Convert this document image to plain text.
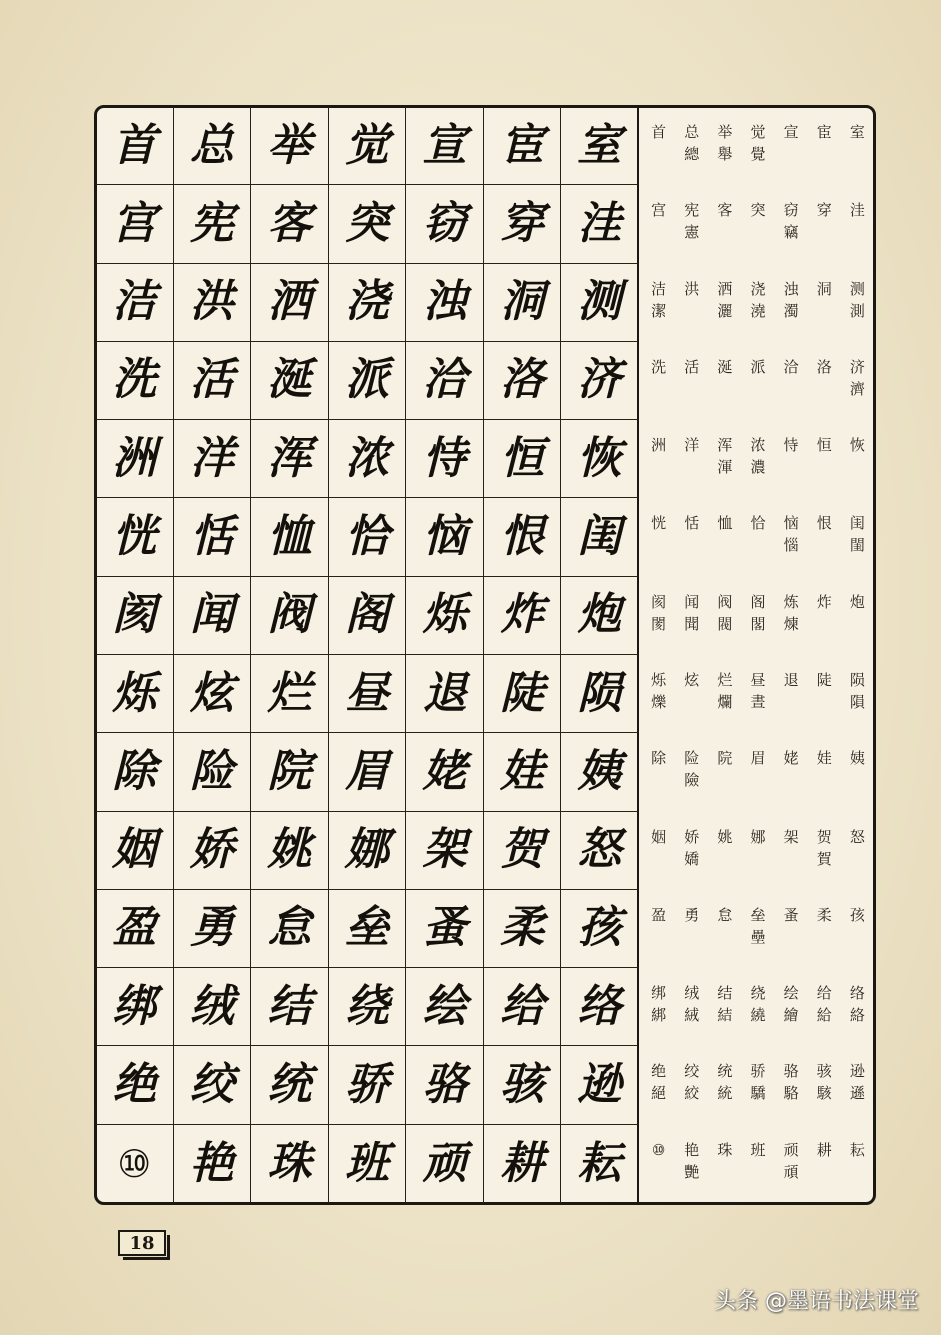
首 总 举 觉 宣 宦 室
宫 宪 客 突 窃 穿 洼
洁 洪 洒 浇 浊 洞 测
洗 活 涎 派 洽 洛 济
洲 洋 浑 浓 恃 恒 恢
恍 恬 恤 恰 恼 恨 闺
阂 闻 阀 阁 烁 炸 炮
烁 炫 烂 昼 退 陡 陨
除 险 院 眉 姥 娃 姨
姻 娇 姚 娜 架 贺 怒
盈 勇 怠 垒 蚤 柔 孩
绑 绒 结 绕 绘 给 络
绝 绞 统 骄 骆 骇 逊
⑩ 艳 珠 班 顽 耕 耘
首 总
總
举
舉
觉
覺
宣 宦 室
宫 宪
憲
客 突 窃
竊
穿 洼
洁
潔
洪 洒
灑
浇
澆
浊
濁
洞 测
測
洗 活 涎 派 洽 洛 济
濟
洲 洋 浑
渾
浓
濃
恃 恒 恢
恍 恬 恤 恰 恼
惱
恨 闺
閨
阂
閡
闻
聞
阀
閥
阁
閣
炼
煉
炸 炮
烁
爍
炫 烂
爛
昼
晝
退 陡 陨
隕
除 险
險
院 眉 姥 娃 姨
姻 娇
嬌
姚 娜 架 贺
賀
怒
盈 勇 怠 垒
壘
蚤 柔 孩
绑
綁
绒
絨
结
結
绕
繞
绘
繪
给
給
络
絡
绝
絕
绞
絞
统
統
骄
驕
骆
駱
骇
駭
逊
遜
⑩ 艳
艷
珠 班 顽
頑
耕 耘
18
头条 @墨语书法课堂
